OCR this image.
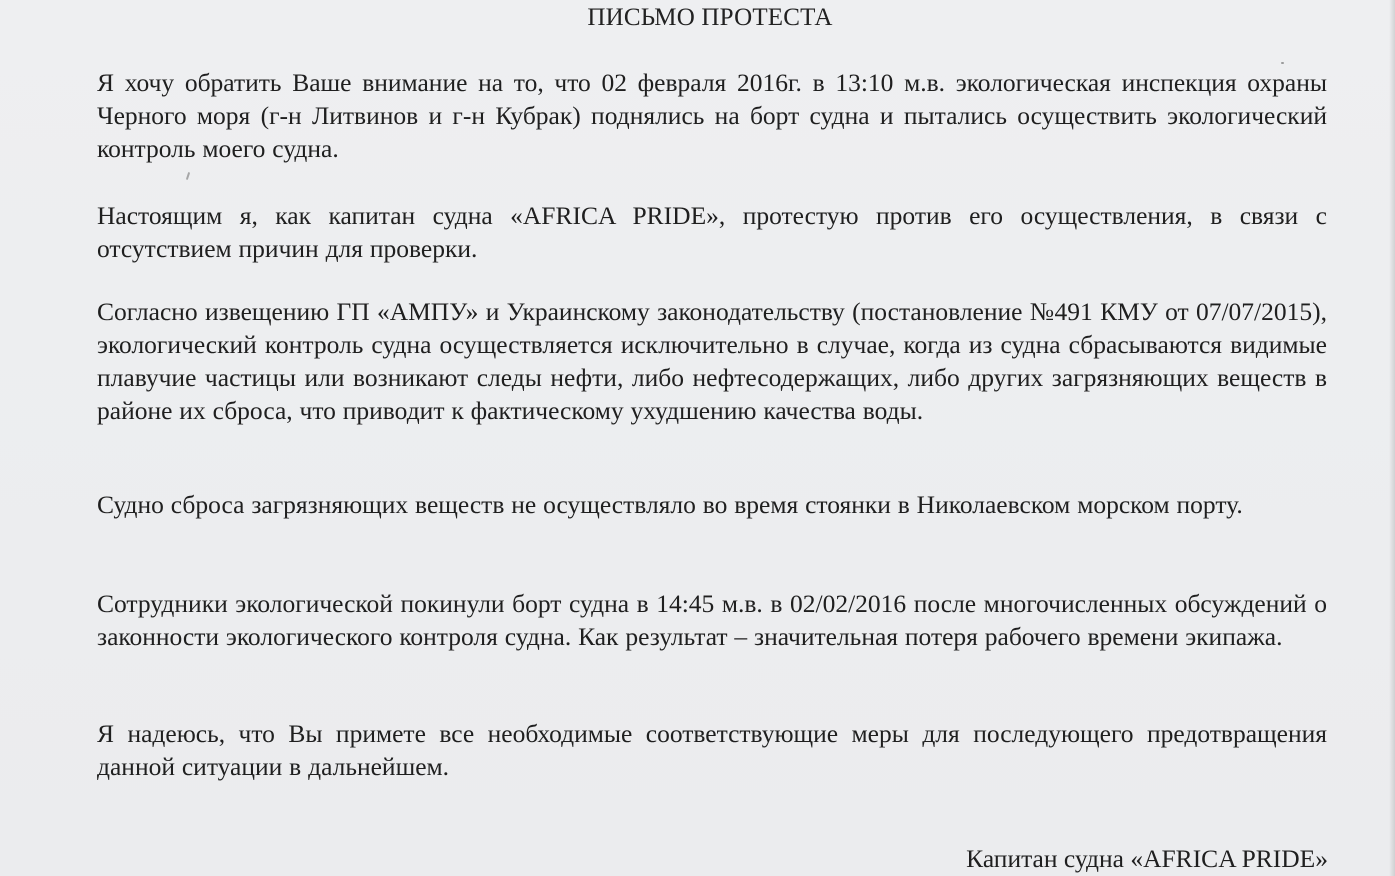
ПИСЬМО ПРОТЕСТА

Я хочу обратить Ваше внимание на то, что 02 февраля 2016г. в 13:10 м.в. экологическая инспекция охраны Черного моря (г-н Литвинов и г-н Кубрак) поднялись на борт судна и пытались осуществить экологический контроль моего судна.

Настоящим я, как капитан судна «AFRICA PRIDE», протестую против его осуществления, в связи с отсутствием причин для проверки.

Согласно извещению ГП «АМПУ» и Украинскому законодательству (постановление №491 КМУ от 07/07/2015), экологический контроль судна осуществляется исключительно в случае, когда из судна сбрасываются видимые плавучие частицы или возникают следы нефти, либо нефтесодержащих, либо других загрязняющих веществ в районе их сброса, что приводит к фактическому ухудшению качества воды.

Судно сброса загрязняющих веществ не осуществляло во время стоянки в Николаевском морском порту.

Сотрудники экологической покинули борт судна в 14:45 м.в. в 02/02/2016 после многочисленных обсуждений о законности экологического контроля судна. Как результат – значительная потеря рабочего времени экипажа.

Я надеюсь, что Вы примете все необходимые соответствующие меры для последующего предотвращения данной ситуации в дальнейшем.

Капитан судна «AFRICA PRIDE»
